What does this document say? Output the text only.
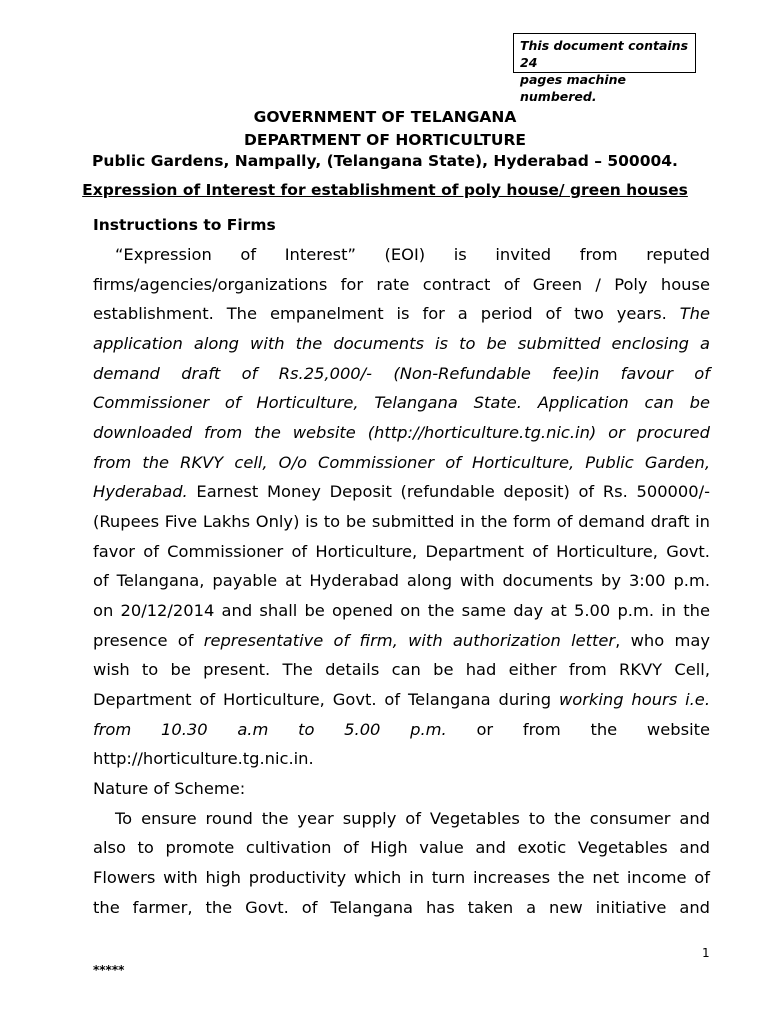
This document contains 24
pages machine numbered.
GOVERNMENT OF TELANGANA
DEPARTMENT OF HORTICULTURE
Public Gardens, Nampally, (Telangana State), Hyderabad – 500004.
Expression of Interest for establishment of poly house/ green houses
Instructions to Firms
“Expression of Interest” (EOI) is invited from reputed
firms/agencies/organizations for rate contract of Green / Poly house
establishment. The empanelment is for a period of two years. The
application along with the documents is to be submitted enclosing a
demand draft of Rs.25,000/- (Non-Refundable fee)in favour of
Commissioner of Horticulture, Telangana State. Application can be
downloaded from the website (http://horticulture.tg.nic.in) or procured
from the RKVY cell, O/o Commissioner of Horticulture, Public Garden,
Hyderabad. Earnest Money Deposit (refundable deposit) of Rs. 500000/-
(Rupees Five Lakhs Only) is to be submitted in the form of demand draft in
favor of Commissioner of Horticulture, Department of Horticulture, Govt.
of Telangana, payable at Hyderabad along with documents by 3:00 p.m.
on 20/12/2014 and shall be opened on the same day at 5.00 p.m. in the
presence of representative of firm, with authorization letter, who may
wish to be present. The details can be had either from RKVY Cell,
Department of Horticulture, Govt. of Telangana during working hours i.e.
from 10.30 a.m to 5.00 p.m. or from the website
http://horticulture.tg.nic.in.
Nature of Scheme:
To ensure round the year supply of Vegetables to the consumer and
also to promote cultivation of High value and exotic Vegetables and
Flowers with high productivity which in turn increases the net income of
the farmer, the Govt. of Telangana has taken a new initiative and
1
*****
